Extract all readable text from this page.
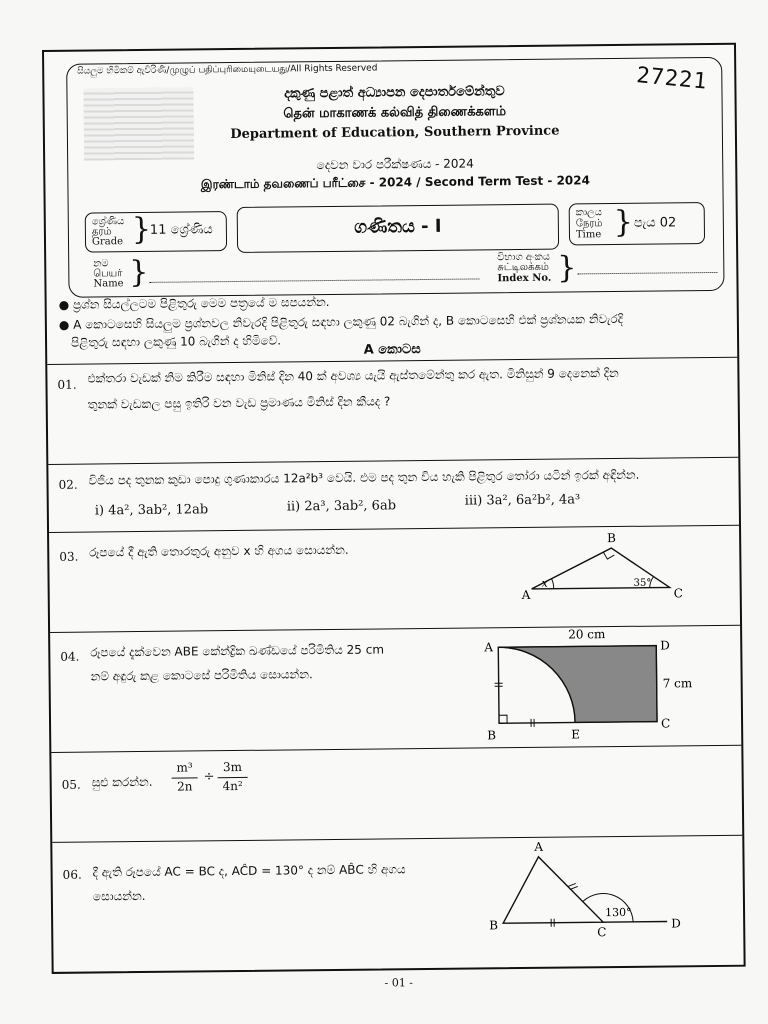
සියලුම හිමිකම් ඇවිරිණි/முழுப் பதிப்புரிமையுடையது/All Rights Reserved	27221
දකුණු පළාත් අධ්‍යාපන දෙපාර්තමේන්තුව
தென் மாகாணக் கல்வித் திணைக்களம்
Department of Education, Southern Province
දෙවන වාර පරීක්ෂණය - 2024
இரண்டாம் தவணைப் பரீட்சை - 2024 / Second Term Test - 2024
ශ්‍රේණිය
தரம்
Grade }
11 ශ්‍රේණිය	ගණිතය - I
කාලය
நேரம்
Time } පැය 02
නම
பெயர்
Name }	විභාග අංකය
சுட்டிலக்கம்
Index No. }
● ප්‍රශ්න සියල්ලටම පිළිතුරු මෙම පත්‍රයේ ම සපයන්න.
● A කොටසෙහි සියලුම ප්‍රශ්නවල නිවැරදි පිළිතුරු සඳහා ලකුණු 02 බැගින් ද, B කොටසෙහි එක් ප්‍රශ්නයක නිවැරදි
පිළිතුරු සඳහා ලකුණු 10 බැගින් ද හිමිවේ.
A කොටස
01. එක්තරා වැඩක් නිම කිරීම සඳහා මිනිස් දින 40 ක් අවශ්‍ය යැයි ඇස්තමේන්තු කර ඇත. මිනිසුන් 9 දෙනෙක් දින
තුනක් වැඩකල පසු ඉතිරි වන වැඩ ප්‍රමාණය මිනිස් දින කීයද ?
02. විජිය පද තුනක කුඩා පොදු ගුණාකාරය 12a²b³ වෙයි. එම පද තුන විය හැකි පිළිතුර තෝරා යටින් ඉරක් අඳින්න.
i) 4a², 3ab², 12ab	ii) 2a³, 3ab², 6ab	iii) 3a², 6a²b², 4a³
03. රූපයේ දී ඇති තොරතුරු අනුව x හි අගය සොයන්න.
A
B
C
x	35°
04. රූපයේ දැක්වෙන ABE කේන්ද්‍රික ඛණ්ඩයේ පරිමිතිය 25 cm
නම් අඳුරු කළ කොටසේ පරිමිතිය සොයන්න.
A
B
C
D
E
20 cm
7 cm
05. සුළු කරන්න.
m³
2n
÷
3m
4n²
06. දී ඇති රූපයේ AC = BC ද, AĈD = 130° ද නම් AB̂C හි අගය
සොයන්න.
A
B	C
D
130°
- 01 -
